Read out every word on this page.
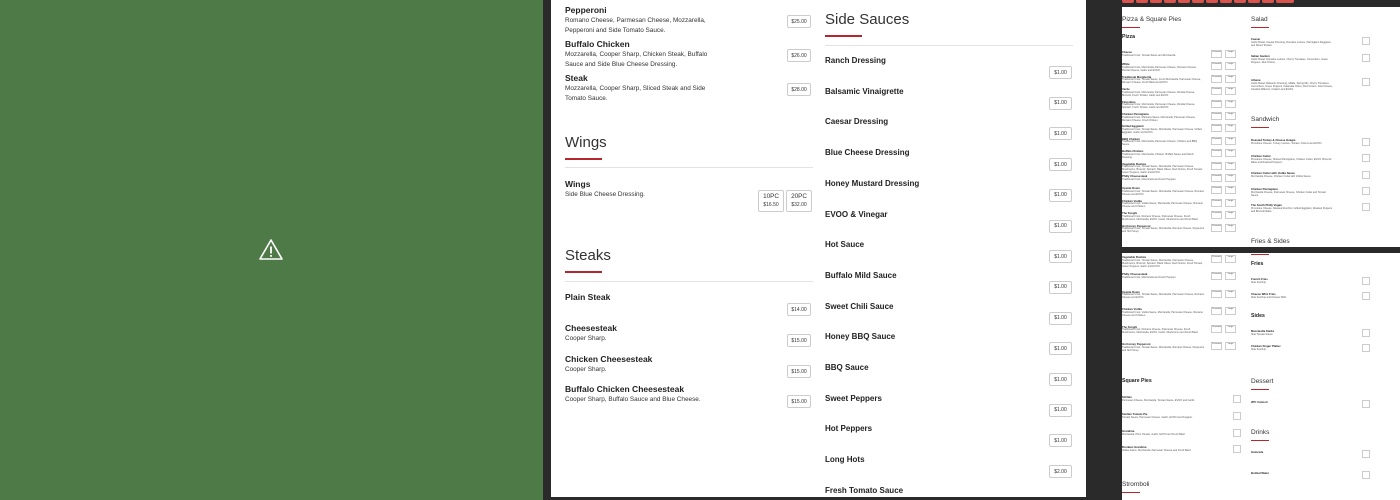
Pepperoni
Romano Cheese, Parmesan Cheese, Mozzarella, Pepperoni and Side Tomato Sauce.
$25.00
Buffalo Chicken
Mozzarella, Cooper Sharp, Chicken Steak, Buffalo Sauce and Side Blue Cheese Dressing.
$26.00
Steak
Mozzarella, Cooper Sharp, Sliced Steak and Side Tomato Sauce.
$28.00
Wings
Wings
Side Blue Cheese Dressing.	10PC
$16.50
20PC
$32.00
Steaks
Plain Steak
$14.00
Cheesesteak
Cooper Sharp.	$15.00
Chicken Cheesesteak
Cooper Sharp.	$15.00
Buffalo Chicken Cheesesteak
Cooper Sharp, Buffalo Sauce and Blue Cheese.	$15.00
Side Sauces
Ranch Dressing
$1.00
Balsamic Vinaigrette
$1.00
Caesar Dressing
$1.00
Blue Cheese Dressing
$1.00
Honey Mustard Dressing
$1.00
EVOO & Vinegar
$1.00
Hot Sauce
$1.00
Buffalo Mild Sauce
$1.00
Sweet Chili Sauce
$1.00
Honey BBQ Sauce
$1.00
BBQ Sauce
$1.00
Sweet Peppers
$1.00
Hot Peppers
$1.00
Long Hots
$2.00
Fresh Tomato Sauce
Pizza & Square Pies
Pizza
Cheese
Traditional Crust, Tomato Sauce and Mozzarella.
Personal	Large
White
Traditional Crust, Mozzarella, Parmesan Cheese, Romano Cheese, Ricotta Cheese, Garlic and EVOO.
Personal	Large
Traditional Margherita
Traditional Crust, Tomato Sauce, Fresh Mozzarella, Parmesan Cheese, Romano Cheese, Fresh Basil and EVOO.
Personal	Large
Verde
Traditional Crust, Mozzarella, Parmesan Cheese, Ricotta Cheese, Broccoli, Fresh Tomato, Garlic and EVOO.
Personal	Large
Florentine
Traditional Crust, Mozzarella, Parmesan Cheese, Ricotta Cheese, Spinach, Fresh Tomato, Garlic and EVOO.
Personal	Large
Chicken Parmigiana
Traditional Crust, Marinara Sauce, Mozzarella, Parmesan Cheese, Romano Cheese, Fried Chicken.
Personal	Large
Grilled Eggplant
Traditional Crust, Tomato Sauce, Mozzarella, Parmesan Cheese, Grilled Eggplant, Garlic and EVOO.
Personal	Large
BBQ Chicken
Traditional Crust, Mozzarella, Parmesan Cheese, Chicken and BBQ Sauce.
Personal	Large
Buffalo Chicken
Traditional Crust, Mozzarella, Chicken, Buffalo Sauce and Ranch Dressing.
Personal	Large
Vegetable Rustica
Traditional Crust, Tomato Sauce, Mozzarella, Parmesan Cheese, Mushrooms, Broccoli, Spinach, Black Olives, Red Onions, Fresh Tomato, Green Peppers, Garlic and EVOO.
Personal	Large
Philly Cheesesteak
Traditional Crust, Mozzarella and Fresh Peppers.
Personal	Large
Upside Down
Traditional Crust, Tomato Sauce, Mozzarella, Parmesan Cheese, Romano Cheese and EVOO.
Personal	Large
Chicken Vodka
Traditional Crust, Vodka Sauce, Mozzarella, Parmesan Cheese, Romano Cheese and Chicken.
Personal	Large
The Funghi
Traditional Crust, Romano Cheese, Parmesan Cheese, Fresh Mushrooms, Mozzarella, EVOO, Garlic, Mushrooms and Fresh Basil.
Personal	Large
Hot Honey Pepperoni
Traditional Crust, Tomato Sauce, Mozzarella, Romano Cheese, Pepperoni and Hot Honey.
Personal	Large
Salad
Caesar
Garlic Bread, Caesar Dressing, Romaine Lettuce, Parmigiano Reggiano and Sliced Tomato.
Italian Garden
Garlic Bread, Romaine Lettuce, Cherry Tomatoes, Cucumbers, Green Peppers, Red Onions.
Athena
Garlic Bread, Balsamic Dressing, Alfalfa, Spring Mix, Cherry Tomatoes, Cucumbers, Green Peppers, Kalamata Olives, Red Onions, Feta Cheese, Candied Walnuts, Craisins and EVOO.
Sandwich
Roasted Turkey & Cheese Hoagie
Provolone Cheese, Turkey, Lettuce, Tomato, Onions and EVOO.
Chicken Cutlet
Provolone Cheese, Shaved Parmigiano, Chicken Cutlet, EVOO, Broccoli Rabe and Roasted Peppers.
Chicken Cutlet with Vodka Sauce
Mozzarella Cheese, Chicken Cutlet with Vodka Sauce.
Chicken Parmigiana
Mozzarella Cheese, Parmesan Cheese, Chicken Cutlet and Tomato Sauce.
The South Philly Vegan
Provolone Cheese, Roasted Zucchini, Grilled Eggplant, Roasted Peppers and Broccoli Rabe.
Fries & Sides
Vegetable Rustica
Traditional Crust, Tomato Sauce, Mozzarella, Parmesan Cheese, Mushrooms, Broccoli, Spinach, Black Olives, Red Onions, Fresh Tomato, Green Peppers, Garlic and EVOO.
Personal	Large
Philly Cheesesteak
Traditional Crust, Mozzarella and Fresh Peppers.
Personal	Large
Upside Down
Traditional Crust, Tomato Sauce, Mozzarella, Parmesan Cheese, Romano Cheese and EVOO.
Personal	Large
Chicken Vodka
Traditional Crust, Vodka Sauce, Mozzarella, Parmesan Cheese, Romano Cheese and Chicken.
Personal	Large
The Funghi
Traditional Crust, Romano Cheese, Parmesan Cheese, Fresh Mushrooms, Mozzarella, EVOO, Garlic, Mushrooms and Fresh Basil.
Personal	Large
Hot Honey Pepperoni
Traditional Crust, Tomato Sauce, Mozzarella, Romano Cheese, Pepperoni and Hot Honey.
Personal	Large
Square Pies
Sicilian
Parmesan Cheese, Mozzarella, Tomato Sauce, EVOO and Garlic.
Sicilian Tomato Pie
Tomato Sauce, Parmesan Cheese, Garlic, EVOO and Oregano.
Grandma
Mozzarella, Plum Tomato, Garlic, EVOO and Fresh Basil.
Drunken Grandma
Vodka Sauce, Mozzarella, Parmesan Cheese and Fresh Basil.
Stromboli
Fries
French Fries
Side Ketchup.
Cheese Whiz Fries
Side Ketchup and Cheese Whiz.
Sides
Mozzarella Sticks
Side Tomato Sauce.
Chicken Finger Platter
Side Ketchup.
Dessert
2PC Cannoli
Drinks
Gatorade
Bottled Water
